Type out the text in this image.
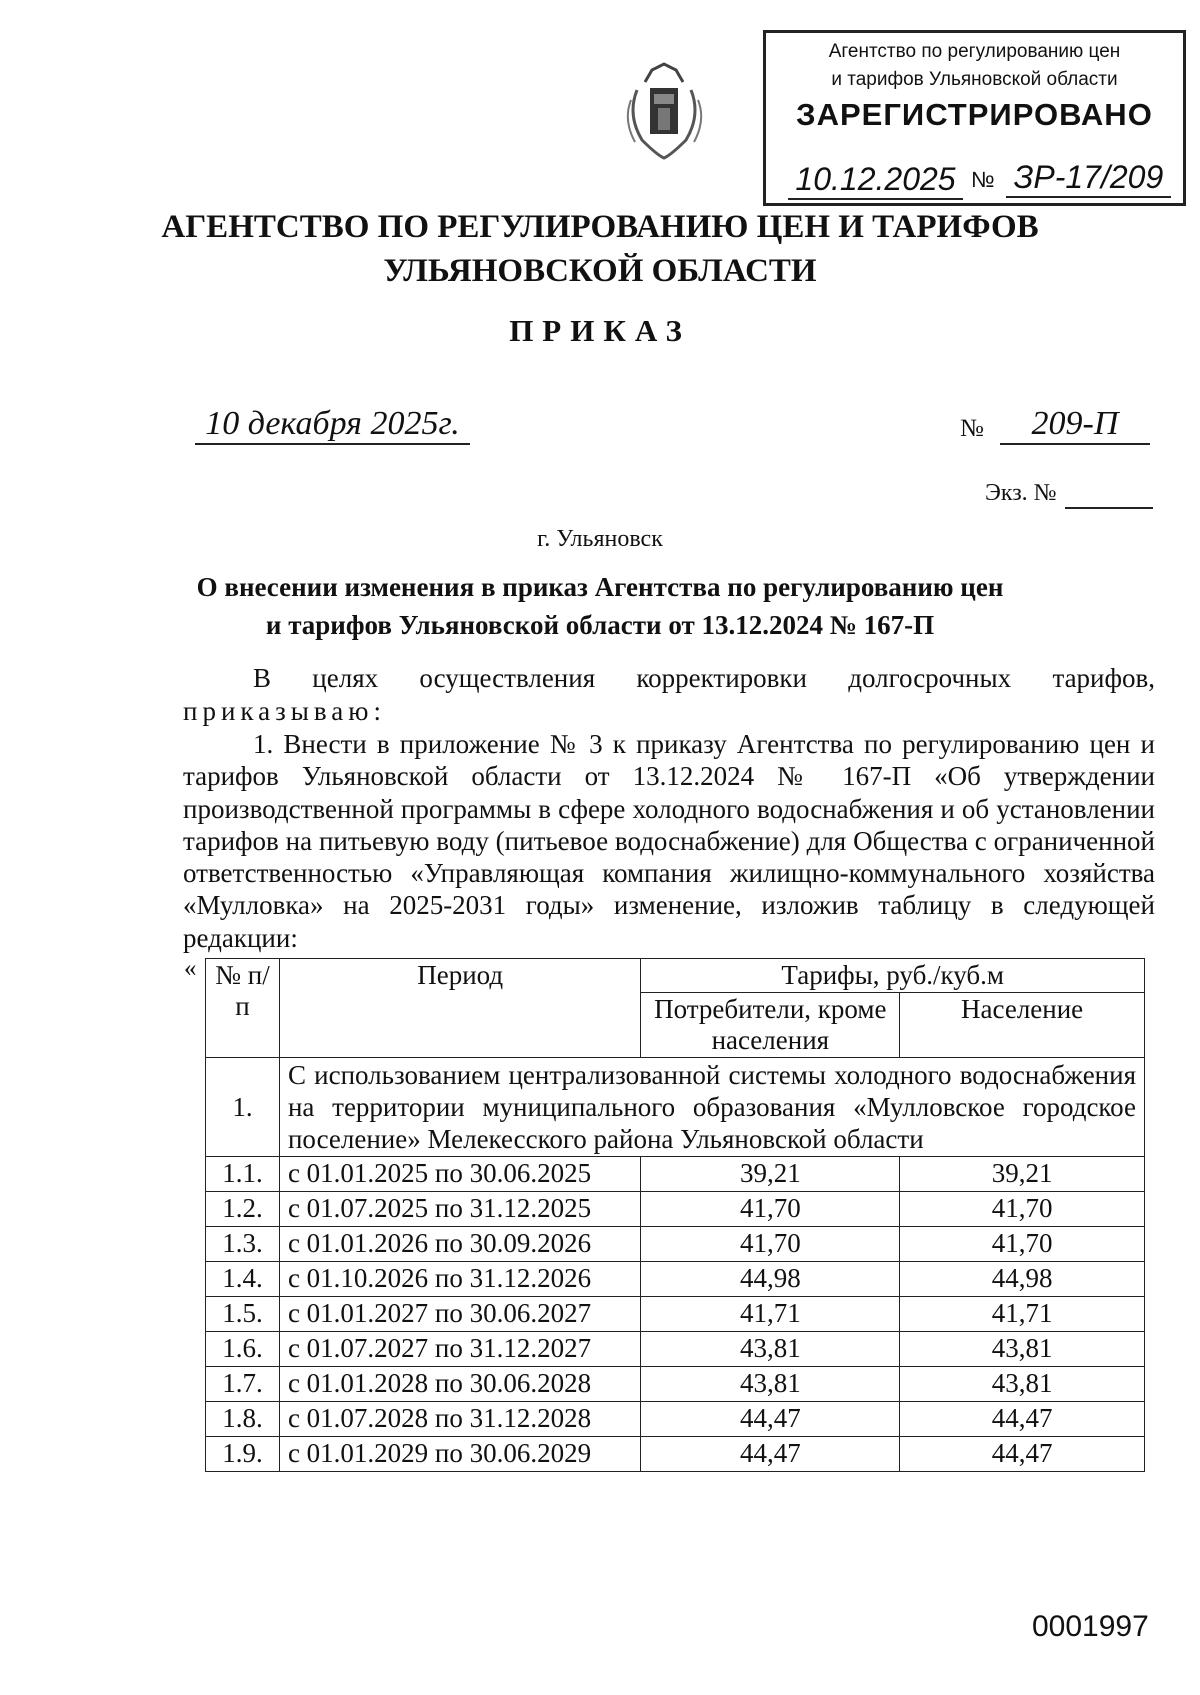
Агентство по регулированию цен
и тарифов Ульяновской области
ЗАРЕГИСТРИРОВАНО
10.12.2025 № ЗР-17/209
АГЕНТСТВО ПО РЕГУЛИРОВАНИЮ ЦЕН И ТАРИФОВ
УЛЬЯНОВСКОЙ ОБЛАСТИ
ПРИКАЗ
10 декабря 2025г.	№	209-П
Экз. №
г. Ульяновск
О внесении изменения в приказ Агентства по регулированию цен
и тарифов Ульяновской области от 13.12.2024 № 167-П
В целях осуществления корректировки долгосрочных тарифов,
приказываю:
1. Внести в приложение № 3 к приказу Агентства по регулированию цен и тарифов Ульяновской области от 13.12.2024 № 167-П «Об утверждении производственной программы в сфере холодного водоснабжения и об установлении тарифов на питьевую воду (питьевое водоснабжение) для Общества с ограниченной ответственностью «Управляющая компания жилищно-коммунального хозяйства «Мулловка» на 2025-2031 годы» изменение, изложив таблицу в следующей редакции:
« № п/п	Период	Тарифы, руб./куб.м	
		Потребители, кроме населения	Население
1.	С использованием централизованной системы холодного водоснабжения на территории муниципального образования «Мулловское городское поселение» Мелекесского района Ульяновской области		
1.1.	с 01.01.2025 по 30.06.2025	39,21	39,21
1.2.	с 01.07.2025 по 31.12.2025	41,70	41,70
1.3.	с 01.01.2026 по 30.09.2026	41,70	41,70
1.4.	с 01.10.2026 по 31.12.2026	44,98	44,98
1.5.	с 01.01.2027 по 30.06.2027	41,71	41,71
1.6.	с 01.07.2027 по 31.12.2027	43,81	43,81
1.7.	с 01.01.2028 по 30.06.2028	43,81	43,81
1.8.	с 01.07.2028 по 31.12.2028	44,47	44,47
1.9.	с 01.01.2029 по 30.06.2029	44,47	44,47
0001997
